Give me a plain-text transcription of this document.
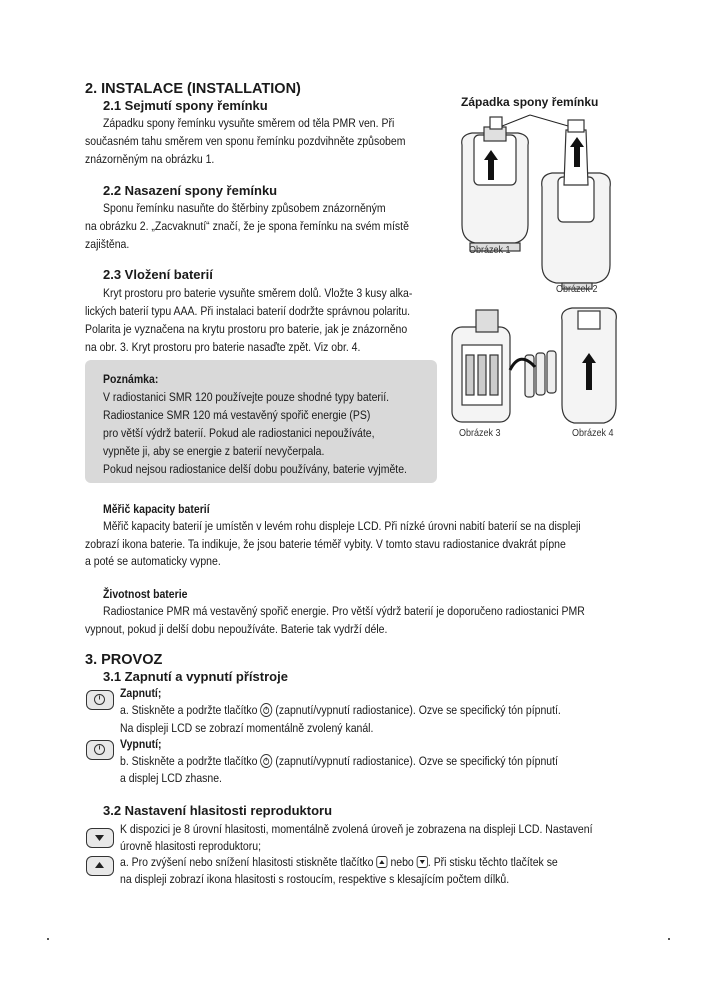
2. INSTALACE (INSTALLATION)
2.1 Sejmutí spony řemínku
Západku spony řemínku vysuňte směrem od těla PMR ven. Při
současném tahu směrem ven sponu řemínku pozdvihněte způsobem
znázorněným na obrázku 1.
2.2 Nasazení spony řemínku
Sponu řemínku nasuňte do štěrbiny způsobem znázorněným
na obrázku 2. „Zacvaknutí“ značí, že je spona řemínku na svém místě
zajištěna.
2.3 Vložení baterií
Kryt prostoru pro baterie vysuňte směrem dolů. Vložte 3 kusy alka-
lických baterií typu AAA. Při instalaci baterií dodržte správnou polaritu.
Polarita je vyznačena na krytu prostoru pro baterie, jak je znázorněno
na obr. 3. Kryt prostoru pro baterie nasaďte zpět. Viz obr. 4.
Poznámka:
V radiostanici SMR 120 používejte pouze shodné typy baterií.
Radiostanice SMR 120 má vestavěný spořič energie (PS)
pro větší výdrž baterií. Pokud ale radiostanici nepoužíváte,
vypněte ji, aby se energie z baterií nevyčerpala.
Pokud nejsou radiostanice delší dobu používány, baterie vyjměte.
Západka spony řemínku
Obrázek 1
Obrázek 2
Obrázek 3	Obrázek 4
Měřič kapacity baterií
Měřič kapacity baterií je umístěn v levém rohu displeje LCD. Při nízké úrovni nabití baterií se na displeji
zobrazí ikona baterie. Ta indikuje, že jsou baterie téměř vybity. V tomto stavu radiostanice dvakrát pípne
a poté se automaticky vypne.
Životnost baterie
Radiostanice PMR má vestavěný spořič energie. Pro větší výdrž baterií je doporučeno radiostanici PMR
vypnout, pokud ji delší dobu nepoužíváte. Baterie tak vydrží déle.
3. PROVOZ
3.1 Zapnutí a vypnutí přístroje
Zapnutí;
a. Stiskněte a podržte tlačítko (zapnutí/vypnutí radiostanice). Ozve se specifický tón pípnutí.
Na displeji LCD se zobrazí momentálně zvolený kanál.
Vypnutí;
b. Stiskněte a podržte tlačítko (zapnutí/vypnutí radiostanice). Ozve se specifický tón pípnutí
a displej LCD zhasne.
3.2 Nastavení hlasitosti reproduktoru
K dispozici je 8 úrovní hlasitosti, momentálně zvolená úroveň je zobrazena na displeji LCD. Nastavení
úrovně hlasitosti reproduktoru;
a. Pro zvýšení nebo snížení hlasitosti stiskněte tlačítko nebo . Při stisku těchto tlačítek se
na displeji zobrazí ikona hlasitosti s rostoucím, respektive s klesajícím počtem dílků.
